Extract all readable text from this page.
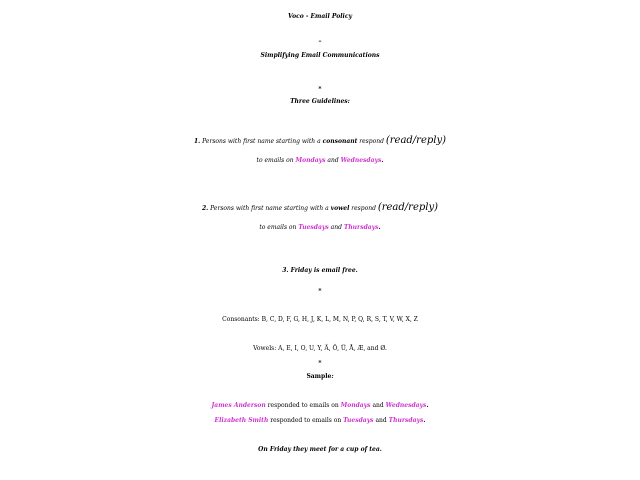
Voco - Email Policy
–
Simplifying Email Communications
*
Three Guidelines:
1. Persons with first name starting with a consonant respond (read/reply)
to emails on Mondays and Wednesdays.
2. Persons with first name starting with a vowel respond (read/reply)
to emails on Tuesdays and Thursdays.
3. Friday is email free.
*
Consonants: B, C, D, F, G, H, J, K, L, M, N, P, Q, R, S, T, V, W, X, Z
Vowels: A, E, I, O, U, Y, Ä, Ö, Ü, Å, Æ, and Ø.
*
Sample:
James Anderson responded to emails on Mondays and Wednesdays.
Elizabeth Smith responded to emails on Tuesdays and Thursdays.
On Friday they meet for a cup of tea.
